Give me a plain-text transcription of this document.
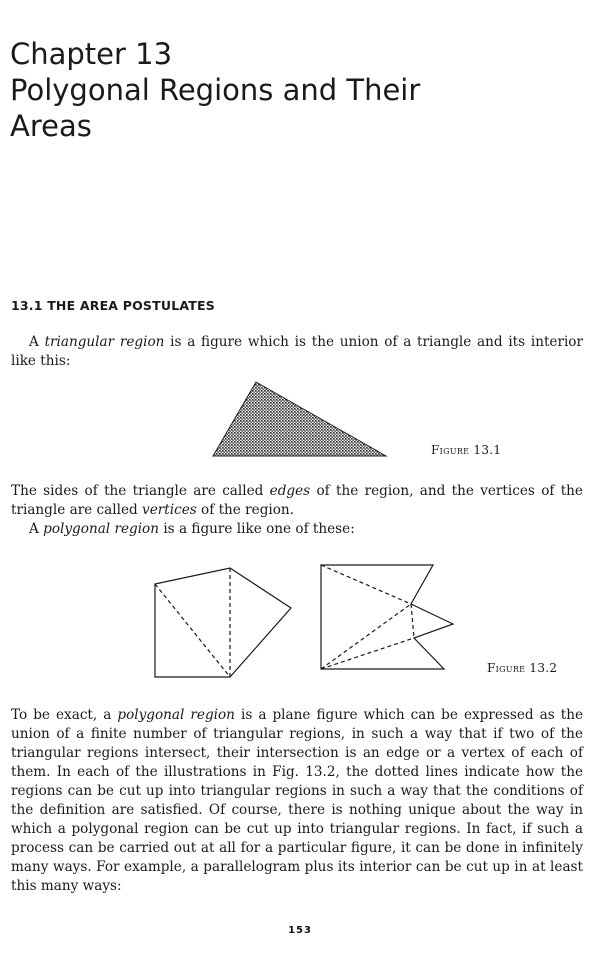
Chapter 13
Polygonal Regions and Their
Areas
13.1 THE AREA POSTULATES

A triangular region is a figure which is the union of a triangle and its interior like this:

Figure 13.1

The sides of the triangle are called edges of the region, and the vertices of the triangle are called vertices of the region.

A polygonal region is a figure like one of these:

Figure 13.2

To be exact, a polygonal region is a plane figure which can be expressed as the union of a finite number of triangular regions, in such a way that if two of the triangular regions intersect, their intersection is an edge or a vertex of each of them. In each of the illustrations in Fig. 13.2, the dotted lines indicate how the regions can be cut up into triangular regions in such a way that the conditions of the definition are satisfied. Of course, there is nothing unique about the way in which a polygonal region can be cut up into triangular regions. In fact, if such a process can be carried out at all for a particular figure, it can be done in infinitely many ways. For example, a parallelogram plus its interior can be cut up in at least this many ways:

153
